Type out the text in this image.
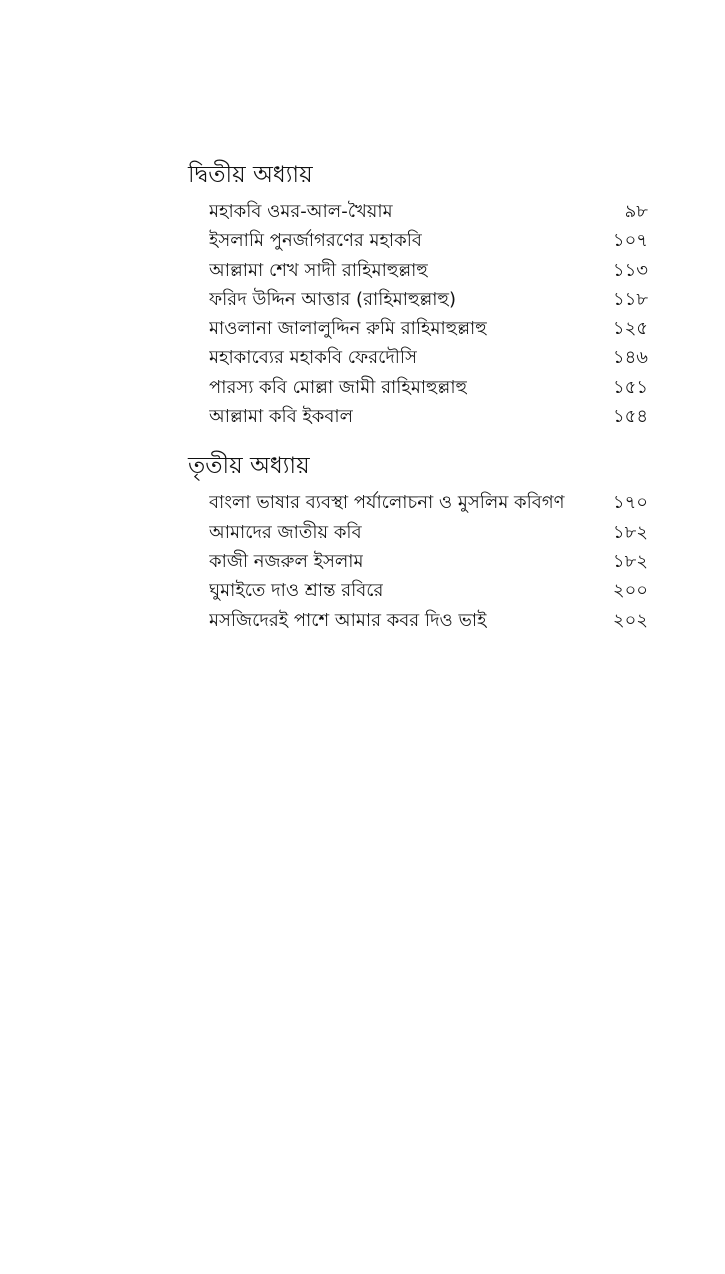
দ্বিতীয় অধ্যায়
মহাকবি ওমর-আল-খৈয়াম	৯৮
ইসলামি পুনর্জাগরণের মহাকবি	১০৭
আল্লামা শেখ সাদী রাহিমাহুল্লাহু	১১৩
ফরিদ উদ্দিন আত্তার (রাহিমাহুল্লাহু)	১১৮
মাওলানা জালালুদ্দিন রুমি রাহিমাহুল্লাহু	১২৫
মহাকাব্যের মহাকবি ফেরদৌসি	১৪৬
পারস্য কবি মোল্লা জামী রাহিমাহুল্লাহু	১৫১
আল্লামা কবি ইকবাল	১৫৪
তৃতীয় অধ্যায়
বাংলা ভাষার ব্যবস্থা পর্যালোচনা ও মুসলিম কবিগণ	১৭০
আমাদের জাতীয় কবি	১৮২
কাজী নজরুল ইসলাম	১৮২
ঘুমাইতে দাও শ্রান্ত রবিরে	২০০
মসজিদেরই পাশে আমার কবর দিও ভাই	২০২
